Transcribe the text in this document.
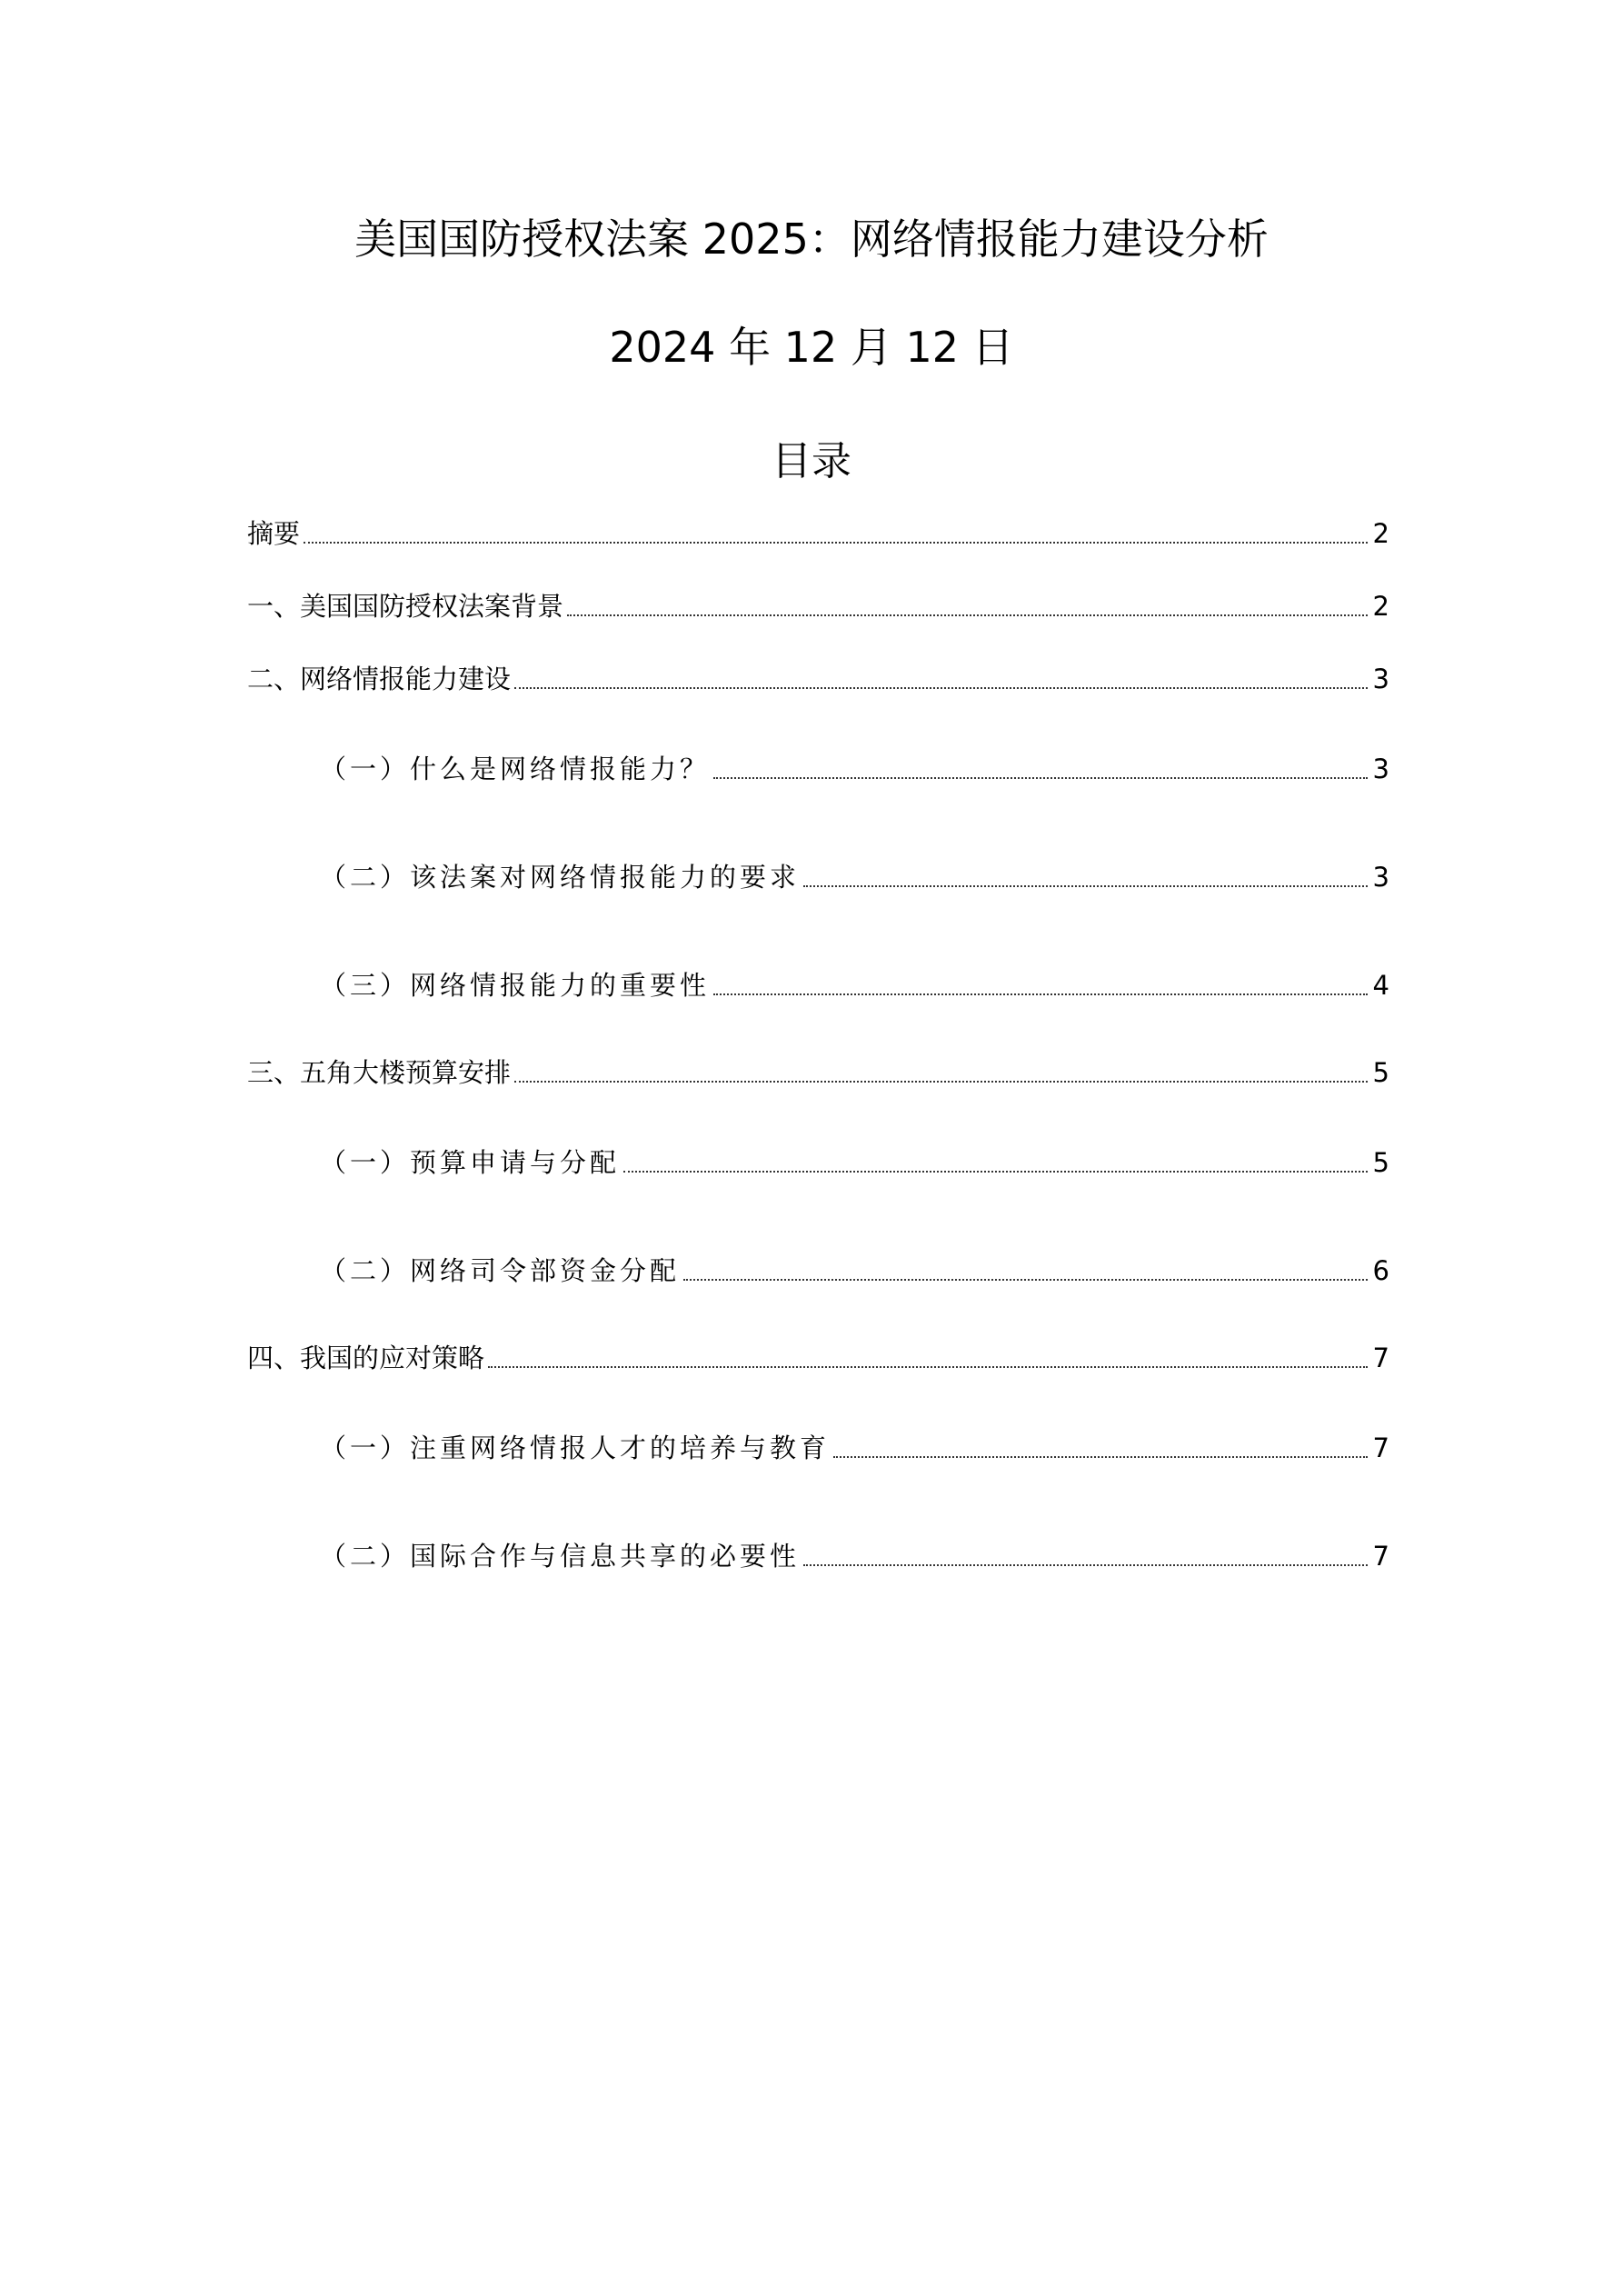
美国国防授权法案 2025：网络情报能力建设分析
2024 年 12 月 12 日
目录
摘要	2
一、美国国防授权法案背景	2
二、网络情报能力建设	3
（一）什么是网络情报能力？	3
（二）该法案对网络情报能力的要求	3
（三）网络情报能力的重要性	4
三、五角大楼预算安排	5
（一）预算申请与分配	5
（二）网络司令部资金分配	6
四、我国的应对策略	7
（一）注重网络情报人才的培养与教育	7
（二）国际合作与信息共享的必要性	7
